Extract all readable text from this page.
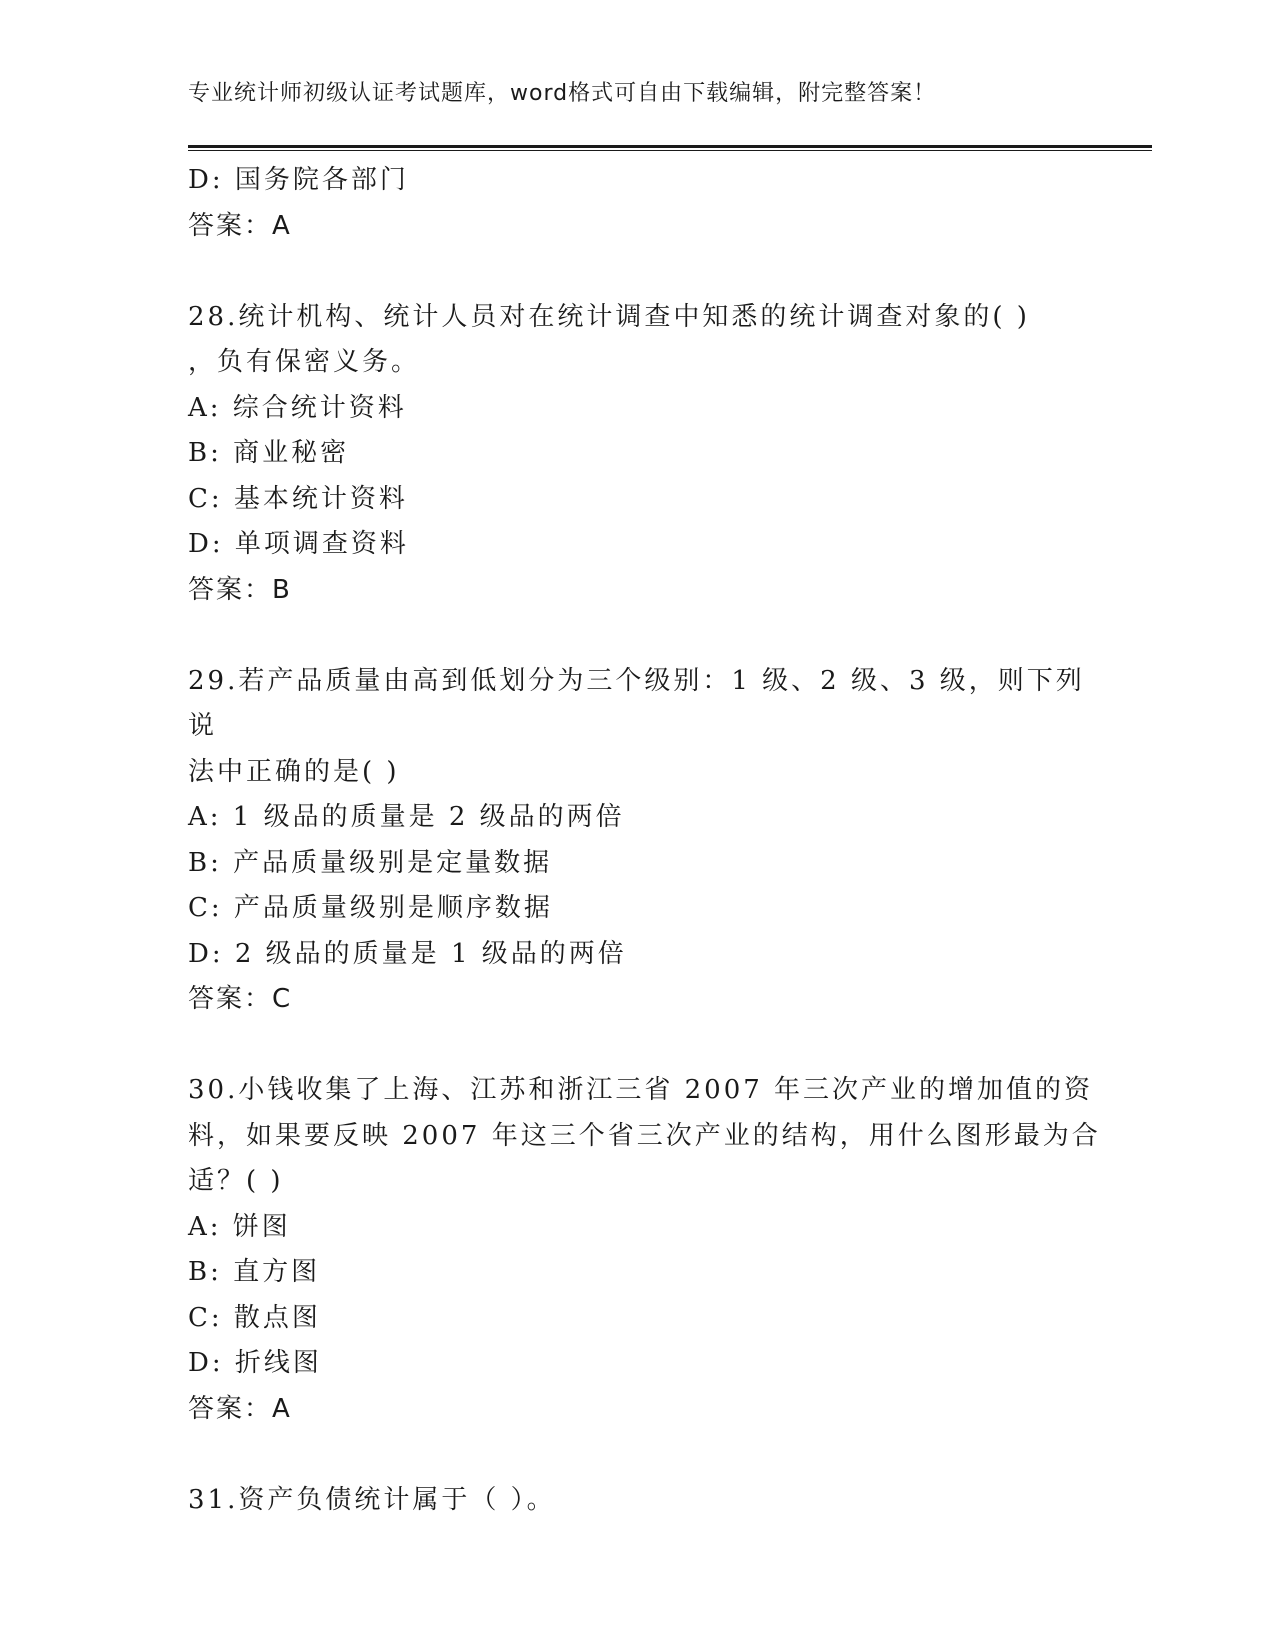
专业统计师初级认证考试题库，word格式可自由下载编辑，附完整答案！
D: 国务院各部门
答案：A
28.统计机构、统计人员对在统计调查中知悉的统计调查对象的( )
，负有保密义务。
A: 综合统计资料
B: 商业秘密
C: 基本统计资料
D: 单项调查资料
答案：B
29.若产品质量由高到低划分为三个级别：1 级、2 级、3 级，则下列说
法中正确的是( )
A: 1 级品的质量是 2 级品的两倍
B: 产品质量级别是定量数据
C: 产品质量级别是顺序数据
D: 2 级品的质量是 1 级品的两倍
答案：C
30.小钱收集了上海、江苏和浙江三省 2007 年三次产业的增加值的资
料，如果要反映 2007 年这三个省三次产业的结构，用什么图形最为合
适？( )
A: 饼图
B: 直方图
C: 散点图
D: 折线图
答案：A
31.资产负债统计属于（ ）。
